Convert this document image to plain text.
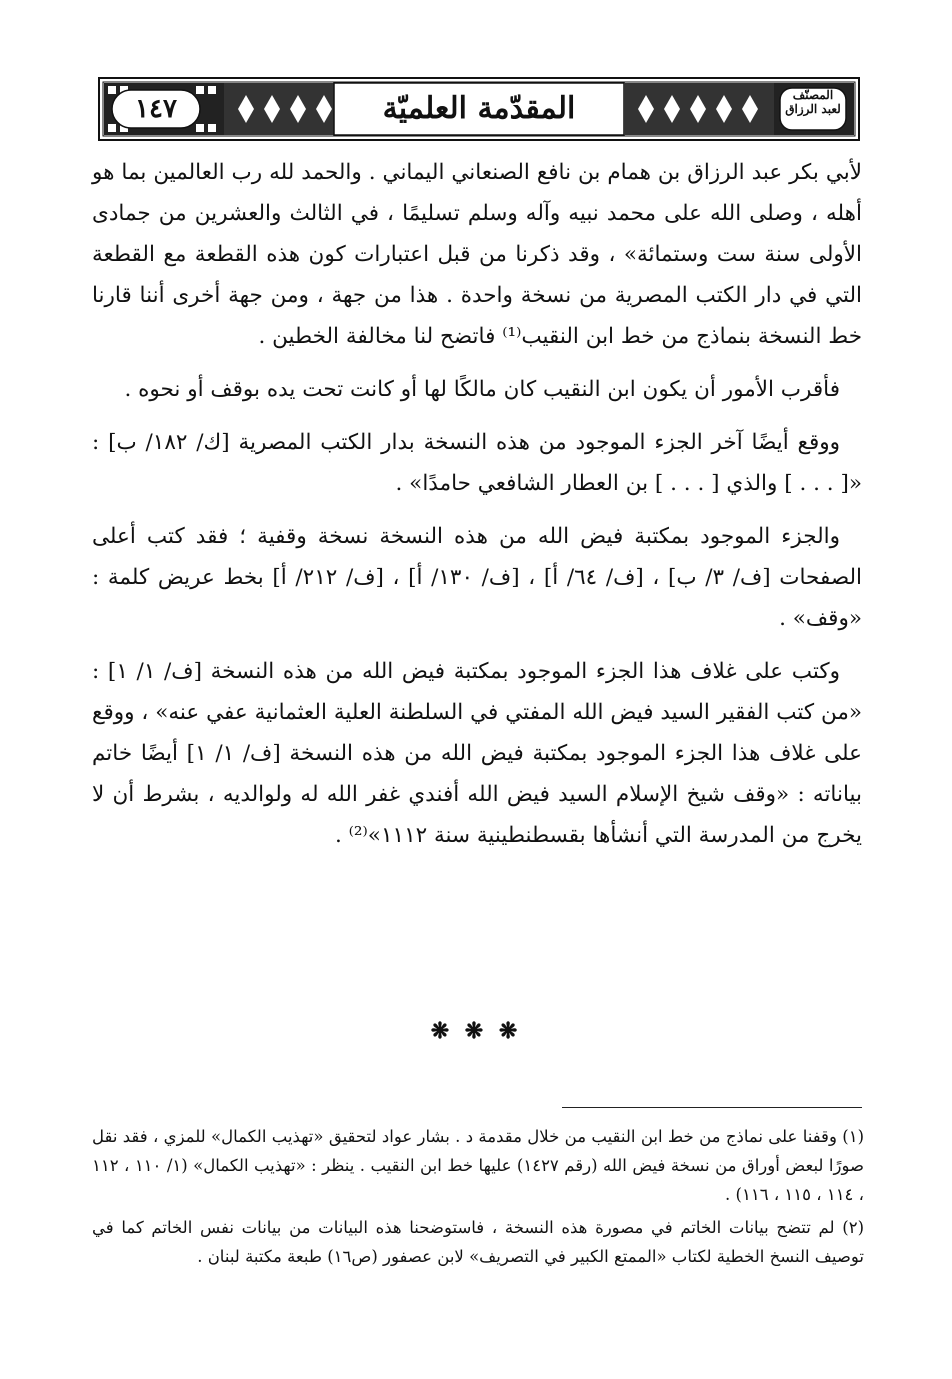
١٤٧	المقدّمة العلميّة	المصنّف
لعبد الرزاق

لأبي بكر عبد الرزاق بن همام بن نافع الصنعاني اليماني . والحمد لله رب العالمين بما هو أهله ، وصلى الله على محمد نبيه وآله وسلم تسليمًا ، في الثالث والعشرين من جمادى الأولى سنة ست وستمائة» ، وقد ذكرنا من قبل اعتبارات كون هذه القطعة مع القطعة التي في دار الكتب المصرية من نسخة واحدة . هذا من جهة ، ومن جهة أخرى أننا قارنا خط النسخة بنماذج من خط ابن النقيب⁽¹⁾ فاتضح لنا مخالفة الخطين .

فأقرب الأمور أن يكون ابن النقيب كان مالكًا لها أو كانت تحت يده بوقف أو نحوه .

ووقع أيضًا آخر الجزء الموجود من هذه النسخة بدار الكتب المصرية [ك/ ١٨٢/ ب] : «[ . . . ] والذي [ . . . ] بن العطار الشافعي حامدًا» .

والجزء الموجود بمكتبة فيض الله من هذه النسخة نسخة وقفية ؛ فقد كتب أعلى الصفحات [ف/ ٣/ ب] ، [ف/ ٦٤/ أ] ، [ف/ ١٣٠/ أ] ، [ف/ ٢١٢/ أ] بخط عريض كلمة : «وقف» .

وكتب على غلاف هذا الجزء الموجود بمكتبة فيض الله من هذه النسخة [ف/ ١/ ١] : «من كتب الفقير السيد فيض الله المفتي في السلطنة العلية العثمانية عفي عنه» ، ووقع على غلاف هذا الجزء الموجود بمكتبة فيض الله من هذه النسخة [ف/ ١/ ١] أيضًا خاتم بياناته : «وقف شيخ الإسلام السيد فيض الله أفندي غفر الله له ولوالديه ، بشرط أن لا يخرج من المدرسة التي أنشأها بقسطنطينية سنة ١١١٢»⁽²⁾ .

❋ ❋ ❋

(١) وقفنا على نماذج من خط ابن النقيب من خلال مقدمة د . بشار عواد لتحقيق «تهذيب الكمال» للمزي ، فقد نقل صورًا لبعض أوراق من نسخة فيض الله (رقم ١٤٢٧) عليها خط ابن النقيب . ينظر : «تهذيب الكمال» (١/ ١١٠ ، ١١٢ ، ١١٤ ، ١١٥ ، ١١٦) .

(٢) لم تتضح بيانات الخاتم في مصورة هذه النسخة ، فاستوضحنا هذه البيانات من بيانات نفس الخاتم كما في توصيف النسخ الخطية لكتاب «الممتع الكبير في التصريف» لابن عصفور (ص١٦) طبعة مكتبة لبنان .
